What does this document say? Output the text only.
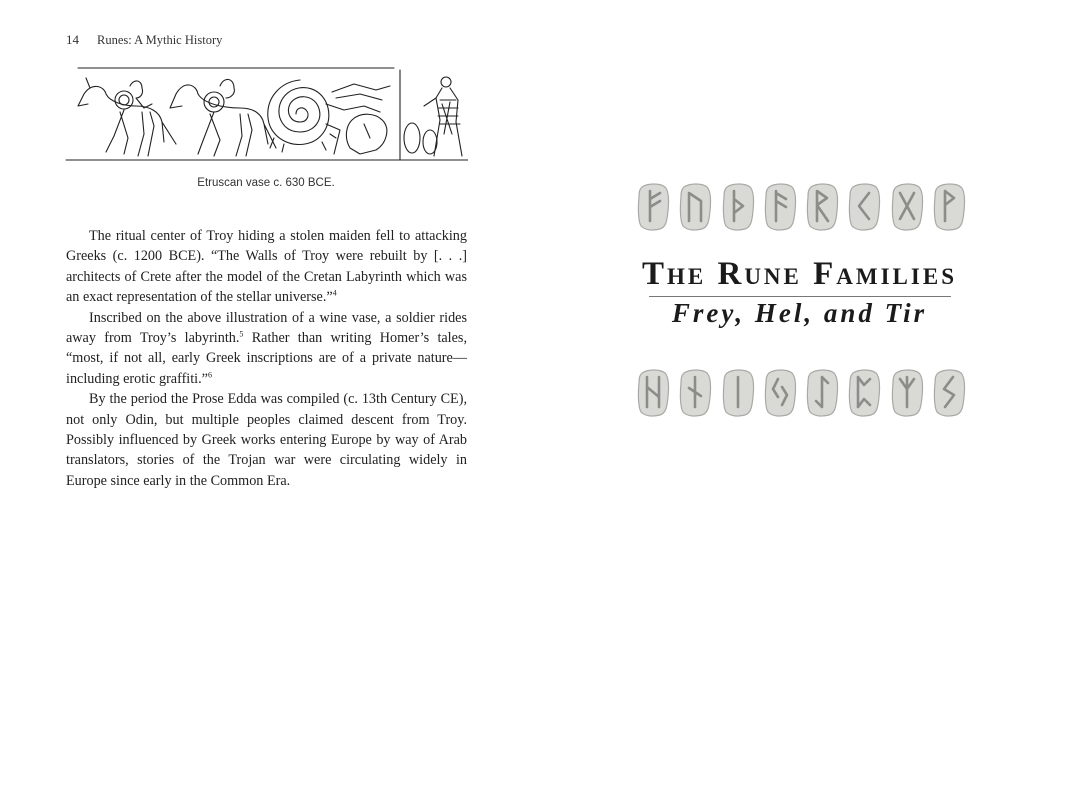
14 Runes: A Mythic History
Etruscan vase c. 630 BCE.

The ritual center of Troy hiding a stolen maiden fell to attacking Greeks (c. 1200 BCE). “The Walls of Troy were rebuilt by [. . .] architects of Crete after the model of the Cretan Labyrinth which was an exact representation of the stellar universe.”$^4$

Inscribed on the above illustration of a wine vase, a soldier rides away from Troy’s labyrinth.$^5$ Rather than writing Homer’s tales, “most, if not all, early Greek inscriptions are of a private nature—including erotic graffiti.”$^6$

By the period the Prose Edda was compiled (c. 13th Century CE), not only Odin, but multiple peoples claimed descent from Troy. Possibly influenced by Greek works entering Europe by way of Arab translators, stories of the Trojan war were circulating widely in Europe since early in the Common Era.

The Rune Families
Frey, Hel, and Tir
